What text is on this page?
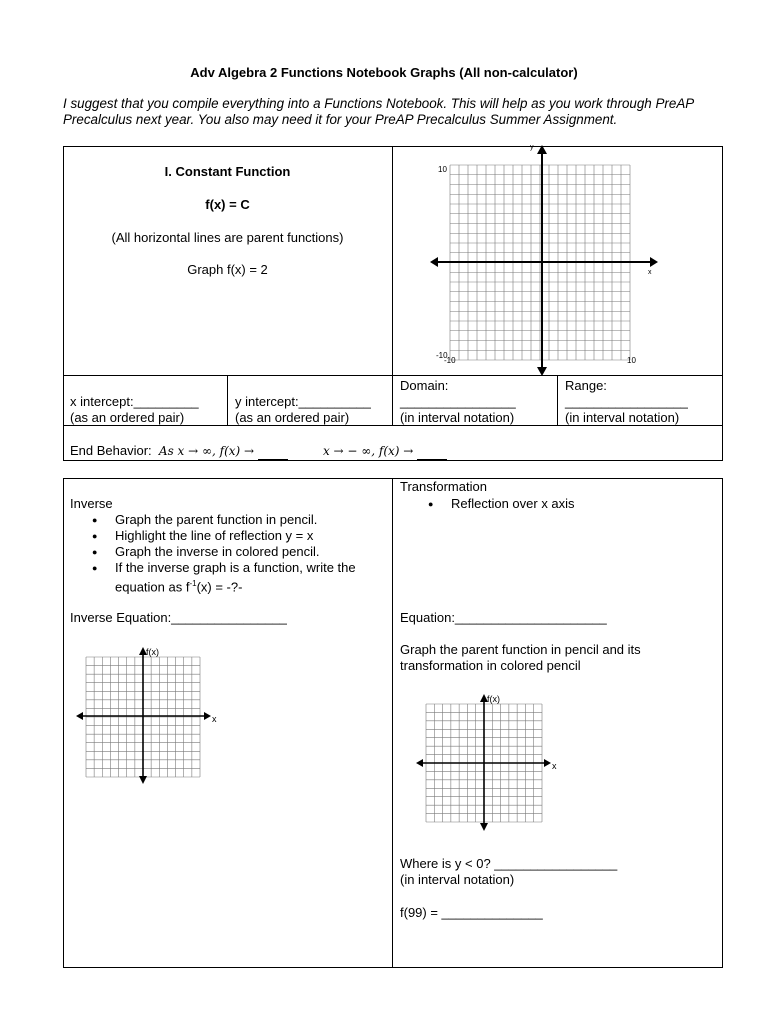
Adv Algebra 2 Functions Notebook Graphs (All non-calculator)
I suggest that you compile everything into a Functions Notebook. This will help as you work through PreAP
Precalculus next year. You also may need it for your PreAP Precalculus Summer Assignment.
I. Constant Function
f(x) = C
(All horizontal lines are parent functions)
Graph f(x) = 2
y
x
10
-10
-10	10
x intercept:_________
(as an ordered pair)
y intercept:__________
(as an ordered pair)
Domain:
________________
(in interval notation)
Range:
_________________
(in interval notation)
End Behavior: As x → ∞, f(x) →	x → − ∞, f(x) →
Inverse
● Graph the parent function in pencil.
● Highlight the line of reflection y = x
● Graph the inverse in colored pencil.
● If the inverse graph is a function, write the
equation as $f^{-1}(x)$ = -?-
Inverse Equation:________________
f(x)
x
Transformation
● Reflection over x axis
Equation:_____________________
Graph the parent function in pencil and its
transformation in colored pencil
f(x)
x
Where is y < 0? _________________
(in interval notation)
f(99) = ______________
